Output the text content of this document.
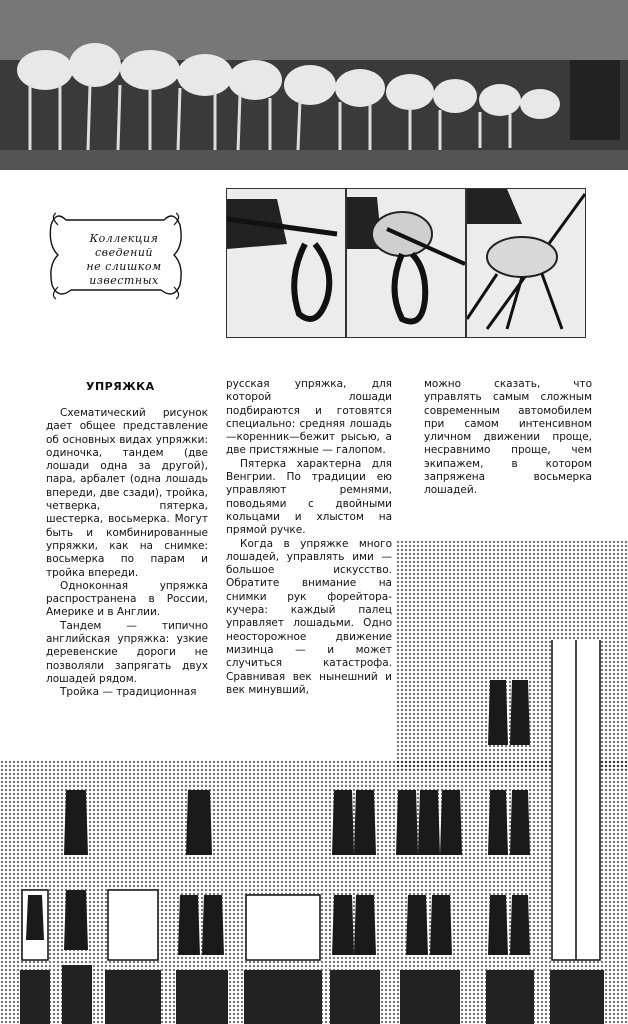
Коллекция
сведений
не слишком
известных
УПРЯЖКА

Схематический рисунок дает общее представление об основных видах упряжки: одиночка, тандем (две лошади одна за другой), пара, арбалет (одна лошадь впереди, две сзади), тройка, четверка, пятерка, шестерка, восьмерка. Могут быть и комбинированные упряжки, как на снимке: восьмерка по парам и тройка впереди.

Одноконная упряжка распространена в России, Америке и в Англии.

Тандем — типично английская упряжка: узкие деревенские дороги не позволяли запрягать двух лошадей рядом.

Тройка — традиционная

русская упряжка, для которой лошади подбираются и готовятся специально: средняя лошадь—коренник—бежит рысью, а две пристяжные — галопом.

Пятерка характерна для Венгрии. По традиции ею управляют ремнями, поводьями с двойными кольцами и хлыстом на прямой ручке.

Когда в упряжке много лошадей, управлять ими — большое искусство. Обратите внимание на снимки рук форейтора-кучера: каждый палец управляет лошадьми. Одно неосторожное движение мизинца — и может случиться катастрофа. Сравнивая век нынешний и век минувший,

можно сказать, что управлять самым сложным современным автомобилем при самом интенсивном уличном движении проще, несравнимо проще, чем экипажем, в котором запряжена восьмерка лошадей.
